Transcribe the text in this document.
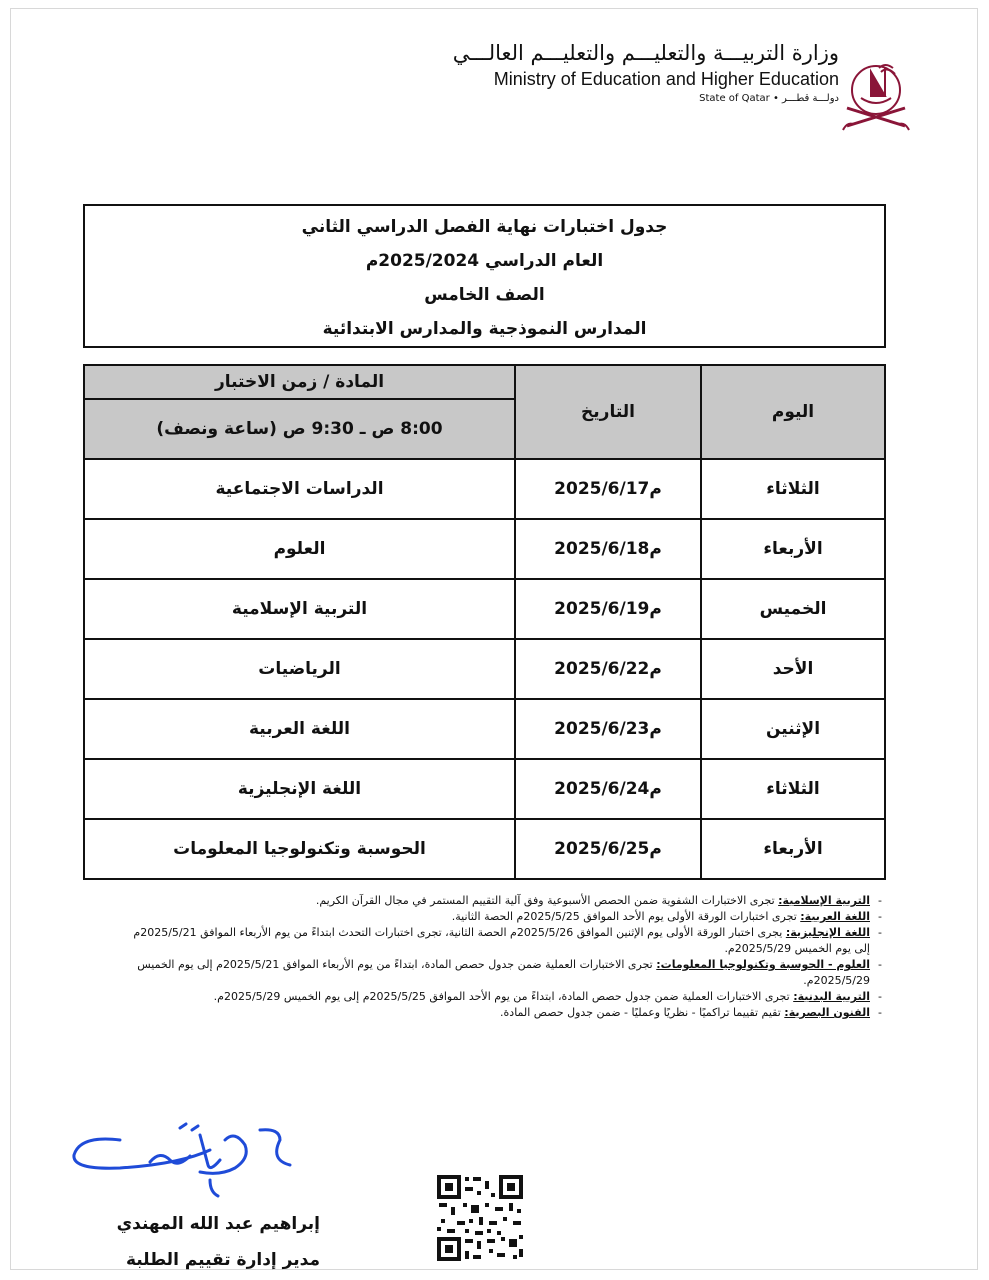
وزارة التربيـــة والتعليـــم والتعليـــم العالـــي
Ministry of Education and Higher Education
State of Qatar • دولـــة قطـــر
جدول اختبارات نهاية الفصل الدراسي الثاني
العام الدراسي 2025/2024م
الصف الخامس
المدارس النموذجية والمدارس الابتدائية
اليوم	التاريخ	المادة / زمن الاختبار
		8:00 ص ـ 9:30 ص (ساعة ونصف)
الثلاثاء	2025/6/17م	الدراسات الاجتماعية
الأربعاء	2025/6/18م	العلوم
الخميس	2025/6/19م	التربية الإسلامية
الأحد	2025/6/22م	الرياضيات
الإثنين	2025/6/23م	اللغة العربية
الثلاثاء	2025/6/24م	اللغة الإنجليزية
الأربعاء	2025/6/25م	الحوسبة وتكنولوجيا المعلومات
- التربية الإسلامية: تجرى الاختبارات الشفوية ضمن الحصص الأسبوعية وفق آلية التقييم المستمر في مجال القرآن الكريم.
- اللغة العربية: تجرى اختبارات الورقة الأولى يوم الأحد الموافق 2025/5/25م الحصة الثانية.
- اللغة الإنجليزية: يجرى اختبار الورقة الأولى يوم الإثنين الموافق 2025/5/26م الحصة الثانية، تجرى اختبارات التحدث ابتداءً من يوم الأربعاء الموافق 2025/5/21م إلى يوم الخميس 2025/5/29م.
- العلوم - الحوسبة وتكنولوجيا المعلومات: تجرى الاختبارات العملية ضمن جدول حصص المادة، ابتداءً من يوم الأربعاء الموافق 2025/5/21م إلى يوم الخميس 2025/5/29م.
- التربية البدنية: تجرى الاختبارات العملية ضمن جدول حصص المادة، ابتداءً من يوم الأحد الموافق 2025/5/25م إلى يوم الخميس 2025/5/29م.
- الفنون البصرية: تقيم تقييما تراكميًا - نظريًا وعمليًا - ضمن جدول حصص المادة.
إبراهيم عبد الله المهندي
مدير إدارة تقييم الطلبة
